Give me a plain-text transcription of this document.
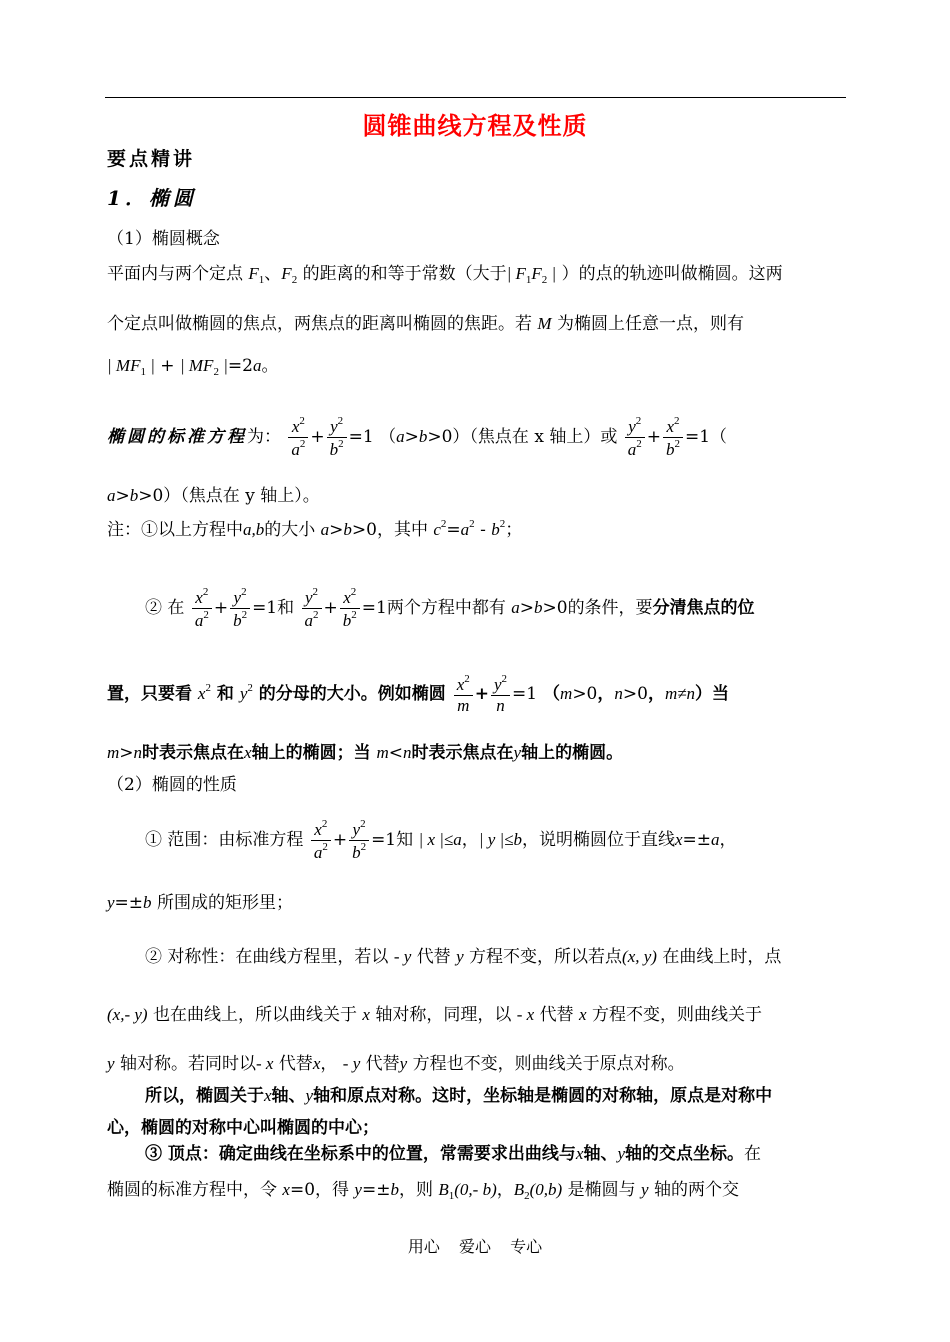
圆锥曲线方程及性质
要点精讲
1．椭圆
（1）椭圆概念
平面内与两个定点 $F_1$、$F_2$ 的距离的和等于常数（大于| $F_1F_2$ | ）的点的轨迹叫做椭圆。这两
个定点叫做椭圆的焦点，两焦点的距离叫椭圆的焦距。若 M 为椭圆上任意一点，则有
| $MF_1$ | + | $MF_2$ |=2a。
椭圆的标准方程为： $\frac{x^2}{a^2} + \frac{y^2}{b^2} =1$ （a>b>0）（焦点在 x 轴上）或 $\frac{y^2}{a^2} + \frac{x^2}{b^2} =1$（
a>b>0）（焦点在 y 轴上）。
注：①以上方程中a,b的大小 a>b>0，其中 $c^2=a^2 - b^2$；
② 在 $\frac{x^2}{a^2} + \frac{y^2}{b^2} =1$和 $\frac{y^2}{a^2} + \frac{x^2}{b^2} =1$两个方程中都有 a>b>0的条件，要分清焦点的位
置，只要看 $x^2$ 和 $y^2$ 的分母的大小。例如椭圆 $\frac{x^2}{m} + \frac{y^2}{n} =1$ （m>0，n>0，m≠n）当
m>n时表示焦点在x轴上的椭圆；当 m<n时表示焦点在y轴上的椭圆。
（2）椭圆的性质
① 范围：由标准方程 $\frac{x^2}{a^2} + \frac{y^2}{b^2} =1$知 | x |≤a，| y |≤b，说明椭圆位于直线x=±a，
y=±b 所围成的矩形里；
② 对称性：在曲线方程里，若以 - y 代替 y 方程不变，所以若点(x, y) 在曲线上时，点
(x,- y) 也在曲线上，所以曲线关于 x 轴对称，同理，以 - x 代替 x 方程不变，则曲线关于
y 轴对称。若同时以- x 代替x， - y 代替y 方程也不变，则曲线关于原点对称。
所以，椭圆关于x轴、y轴和原点对称。这时，坐标轴是椭圆的对称轴，原点是对称中
心，椭圆的对称中心叫椭圆的中心；
③ 顶点：确定曲线在坐标系中的位置，常需要求出曲线与x轴、y轴的交点坐标。在
椭圆的标准方程中，令 x=0，得 y=±b，则 $B_1(0,-$ b)，$B_2(0,b)$ 是椭圆与 y 轴的两个交
用心 爱心 专心
